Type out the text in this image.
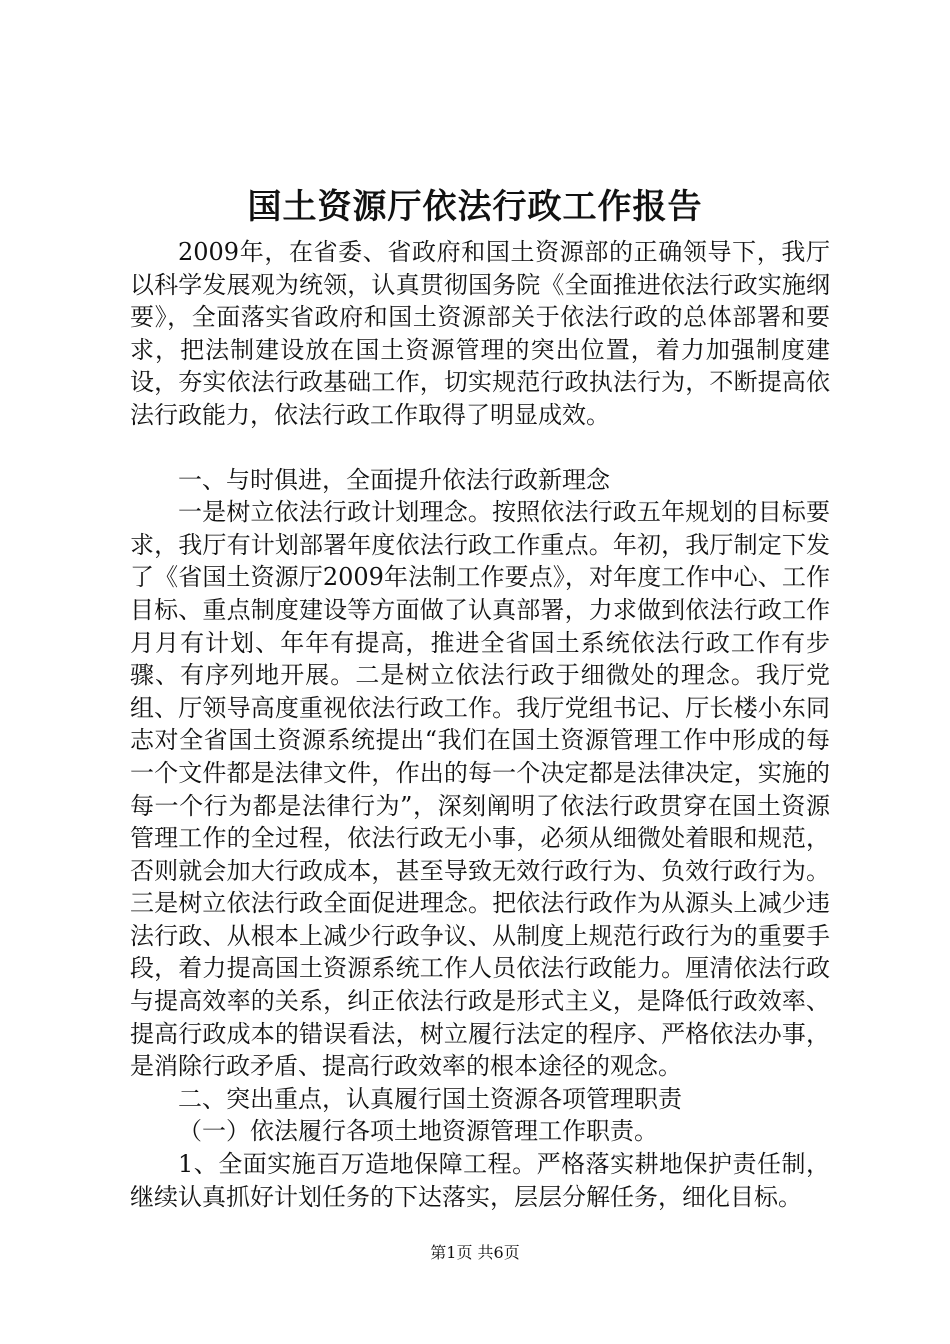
国土资源厅依法行政工作报告

2009年，在省委、省政府和国土资源部的正确领导下，我厅以科学发展观为统领，认真贯彻国务院《全面推进依法行政实施纲要》，全面落实省政府和国土资源部关于依法行政的总体部署和要求，把法制建设放在国土资源管理的突出位置，着力加强制度建设，夯实依法行政基础工作，切实规范行政执法行为，不断提高依法行政能力，依法行政工作取得了明显成效。

一、与时俱进，全面提升依法行政新理念

一是树立依法行政计划理念。按照依法行政五年规划的目标要求，我厅有计划部署年度依法行政工作重点。年初，我厅制定下发了《省国土资源厅2009年法制工作要点》，对年度工作中心、工作目标、重点制度建设等方面做了认真部署，力求做到依法行政工作月月有计划、年年有提高，推进全省国土系统依法行政工作有步骤、有序列地开展。二是树立依法行政于细微处的理念。我厅党组、厅领导高度重视依法行政工作。我厅党组书记、厅长楼小东同志对全省国土资源系统提出“我们在国土资源管理工作中形成的每一个文件都是法律文件，作出的每一个决定都是法律决定，实施的每一个行为都是法律行为”，深刻阐明了依法行政贯穿在国土资源管理工作的全过程，依法行政无小事，必须从细微处着眼和规范，否则就会加大行政成本，甚至导致无效行政行为、负效行政行为。三是树立依法行政全面促进理念。把依法行政作为从源头上减少违法行政、从根本上减少行政争议、从制度上规范行政行为的重要手段，着力提高国土资源系统工作人员依法行政能力。厘清依法行政与提高效率的关系，纠正依法行政是形式主义，是降低行政效率、提高行政成本的错误看法，树立履行法定的程序、严格依法办事，是消除行政矛盾、提高行政效率的根本途径的观念。

二、突出重点，认真履行国土资源各项管理职责

（一）依法履行各项土地资源管理工作职责。

1、全面实施百万造地保障工程。严格落实耕地保护责任制，继续认真抓好计划任务的下达落实，层层分解任务，细化目标。

第1页 共6页
